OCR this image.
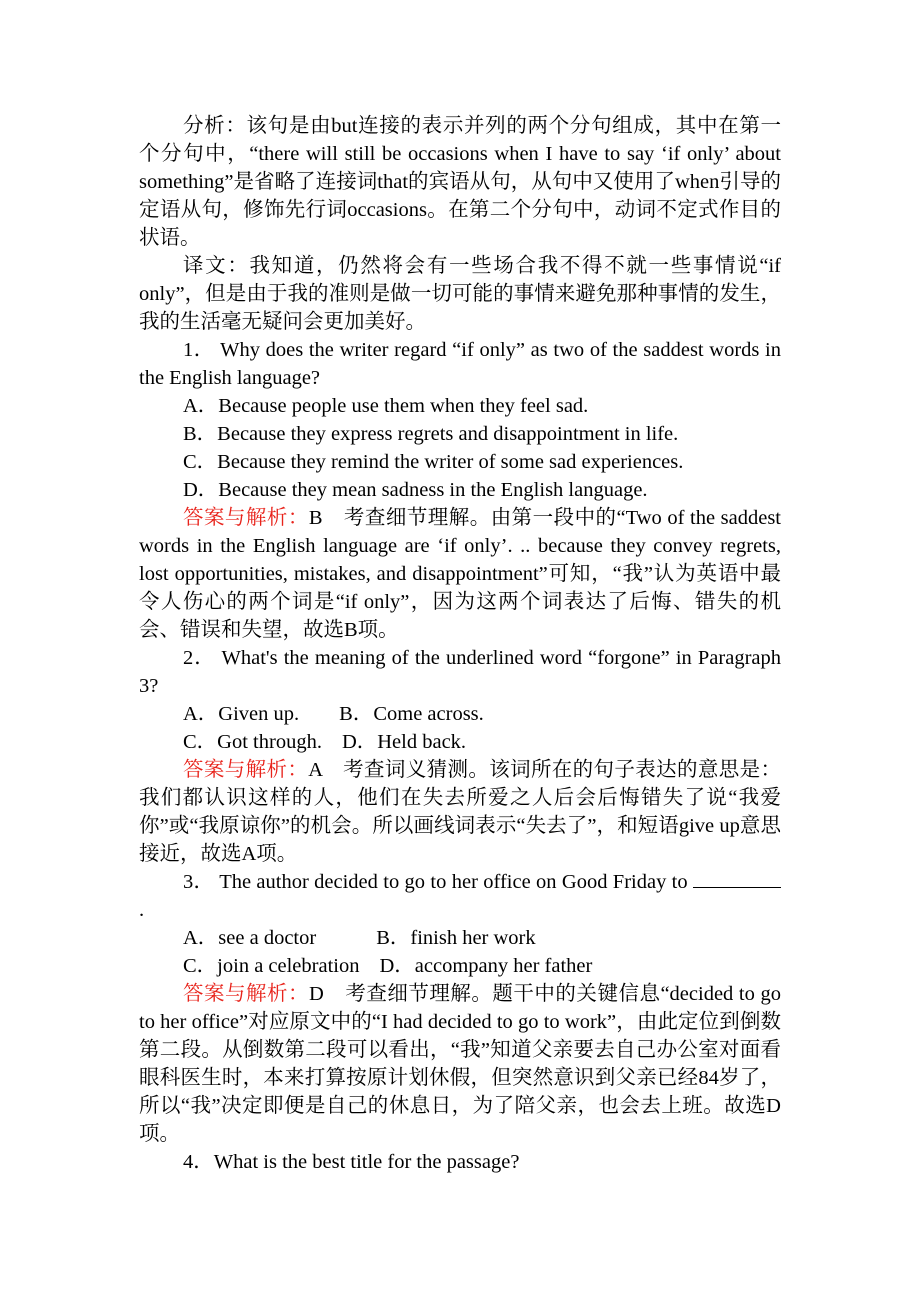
分析：该句是由but连接的表示并列的两个分句组成，其中在第一个分句中，“there will still be occasions when I have to say ‘if only’ about something”是省略了连接词that的宾语从句，从句中又使用了when引导的定语从句，修饰先行词occasions。在第二个分句中，动词不定式作目的状语。

译文：我知道，仍然将会有一些场合我不得不就一些事情说“if only”，但是由于我的准则是做一切可能的事情来避免那种事情的发生，我的生活毫无疑问会更加美好。

1． Why does the writer regard “if only” as two of the saddest words in the English language?

A．Because people use them when they feel sad.

B．Because they express regrets and disappointment in life.

C．Because they remind the writer of some sad experiences.

D．Because they mean sadness in the English language.

答案与解析：B　考查细节理解。由第一段中的“Two of the saddest words in the English language are ‘if only’. .. because they convey regrets, lost opportunities, mistakes, and disappointment”可知，“我”认为英语中最令人伤心的两个词是“if only”，因为这两个词表达了后悔、错失的机会、错误和失望，故选B项。

2． What's the meaning of the underlined word “forgone” in Paragraph 3?

A．Given up. B．Come across.

C．Got through. D．Held back.

答案与解析：A　考查词义猜测。该词所在的句子表达的意思是：我们都认识这样的人，他们在失去所爱之人后会后悔错失了说“我爱你”或“我原谅你”的机会。所以画线词表示“失去了”，和短语give up意思接近，故选A项。

3． The author decided to go to her office on Good Friday to .

A．see a doctor	B．finish her work

C．join a celebration D．accompany her father

答案与解析：D　考查细节理解。题干中的关键信息“decided to go to her office”对应原文中的“I had decided to go to work”，由此定位到倒数第二段。从倒数第二段可以看出，“我”知道父亲要去自己办公室对面看眼科医生时，本来打算按原计划休假，但突然意识到父亲已经84岁了，所以“我”决定即便是自己的休息日，为了陪父亲，也会去上班。故选D项。

4．What is the best title for the passage?
